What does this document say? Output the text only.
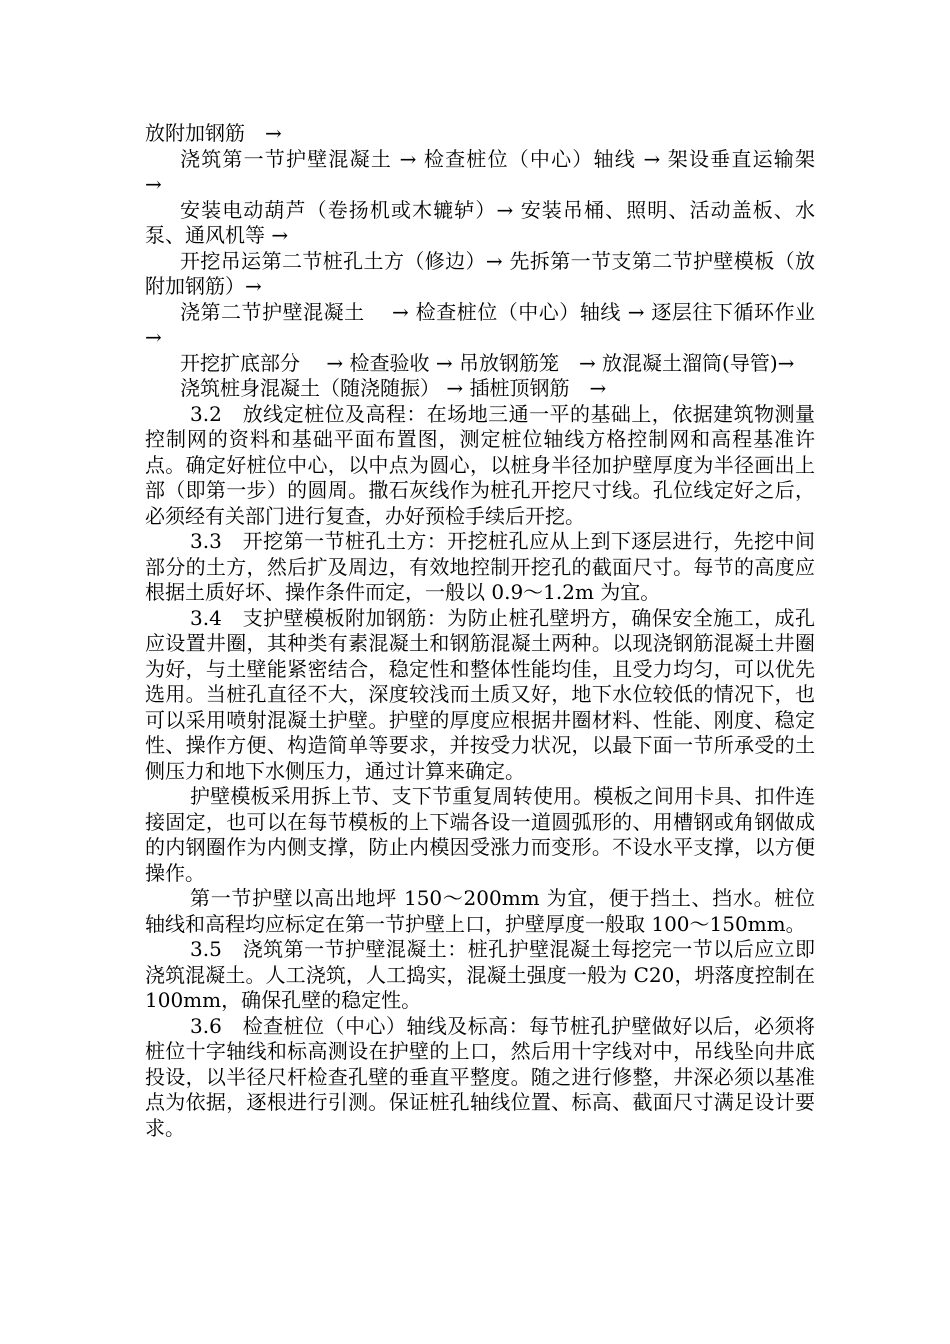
放附加钢筋　→

浇筑第一节护壁混凝土 → 检查桩位（中心）轴线 → 架设垂直运输架　 →

安装电动葫芦（卷扬机或木辘轳）→ 安装吊桶、照明、活动盖板、水泵、通风机等 →

开挖吊运第二节桩孔土方（修边）→ 先拆第一节支第二节护壁模板（放附加钢筋）→

浇第二节护壁混凝土　 → 检查桩位（中心）轴线 → 逐层往下循环作业 →

开挖扩底部分　 → 检查验收 → 吊放钢筋笼　→ 放混凝土溜筒(导管)→

浇筑桩身混凝土（随浇随振） → 插桩顶钢筋　→

3.2　放线定桩位及高程：在场地三通一平的基础上，依据建筑物测量控制网的资料和基础平面布置图，测定桩位轴线方格控制网和高程基准许点。确定好桩位中心，以中点为圆心，以桩身半径加护壁厚度为半径画出上部（即第一步）的圆周。撒石灰线作为桩孔开挖尺寸线。孔位线定好之后，必须经有关部门进行复查，办好预检手续后开挖。

3.3　开挖第一节桩孔土方：开挖桩孔应从上到下逐层进行，先挖中间部分的土方，然后扩及周边，有效地控制开挖孔的截面尺寸。每节的高度应根据土质好坏、操作条件而定，一般以 0.9～1.2m 为宜。

3.4　支护壁模板附加钢筋：为防止桩孔壁坍方，确保安全施工，成孔应设置井圈，其种类有素混凝土和钢筋混凝土两种。以现浇钢筋混凝土井圈为好，与土壁能紧密结合，稳定性和整体性能均佳，且受力均匀，可以优先选用。当桩孔直径不大，深度较浅而土质又好，地下水位较低的情况下，也可以采用喷射混凝土护壁。护壁的厚度应根据井圈材料、性能、刚度、稳定性、操作方便、构造简单等要求，并按受力状况，以最下面一节所承受的土侧压力和地下水侧压力，通过计算来确定。

护壁模板采用拆上节、支下节重复周转使用。模板之间用卡具、扣件连接固定，也可以在每节模板的上下端各设一道圆弧形的、用槽钢或角钢做成的内钢圈作为内侧支撑，防止内模因受涨力而变形。不设水平支撑，以方便操作。

第一节护壁以高出地坪 150～200mm 为宜，便于挡土、挡水。桩位轴线和高程均应标定在第一节护壁上口，护壁厚度一般取 100～150mm。

3.5　浇筑第一节护壁混凝土：桩孔护壁混凝土每挖完一节以后应立即浇筑混凝土。人工浇筑，人工捣实，混凝土强度一般为 C20，坍落度控制在 100mm，确保孔壁的稳定性。

3.6　检查桩位（中心）轴线及标高：每节桩孔护壁做好以后，必须将桩位十字轴线和标高测设在护壁的上口，然后用十字线对中，吊线坠向井底投设，以半径尺杆检查孔壁的垂直平整度。随之进行修整，井深必须以基准点为依据，逐根进行引测。保证桩孔轴线位置、标高、截面尺寸满足设计要求。
